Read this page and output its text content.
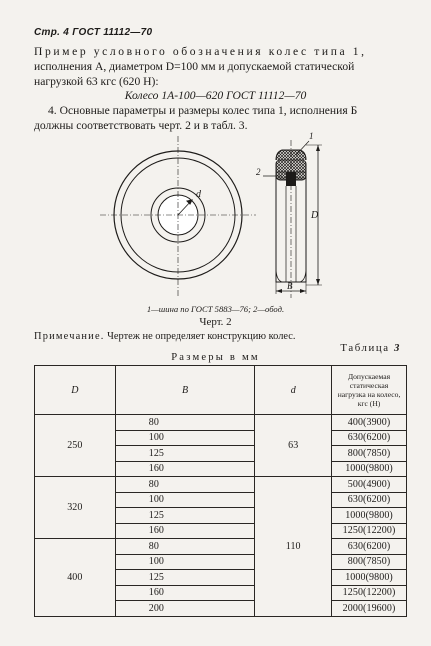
Стр. 4 ГОСТ 11112—70
Пример условного обозначения колес типа 1,
исполнения А, диаметром D=100 мм и допускаемой статической
нагрузкой 63 кгс (620 Н):
Колесо 1А-100—620 ГОСТ 11112—70
4. Основные параметры и размеры колес типа 1, исполнения Б
должны соответствовать черт. 2 и в табл. 3.
d
1
2
D
B
1—шина по ГОСТ 5883—76; 2—обод.
Черт. 2
Примечание. Чертеж не определяет конструкцию колес.
Таблица 3
Размеры в мм
D	B	d	Допускаемая статическая нагрузка на колесо, кгс (Н)
250	80	63	400(3900)
	100		630(6200)
	125		800(7850)
	160		1000(9800)
320	80	110	500(4900)
	100		630(6200)
	125		1000(9800)
	160		1250(12200)
400	80		630(6200)
	100		800(7850)
	125		1000(9800)
	160		1250(12200)
	200		2000(19600)
